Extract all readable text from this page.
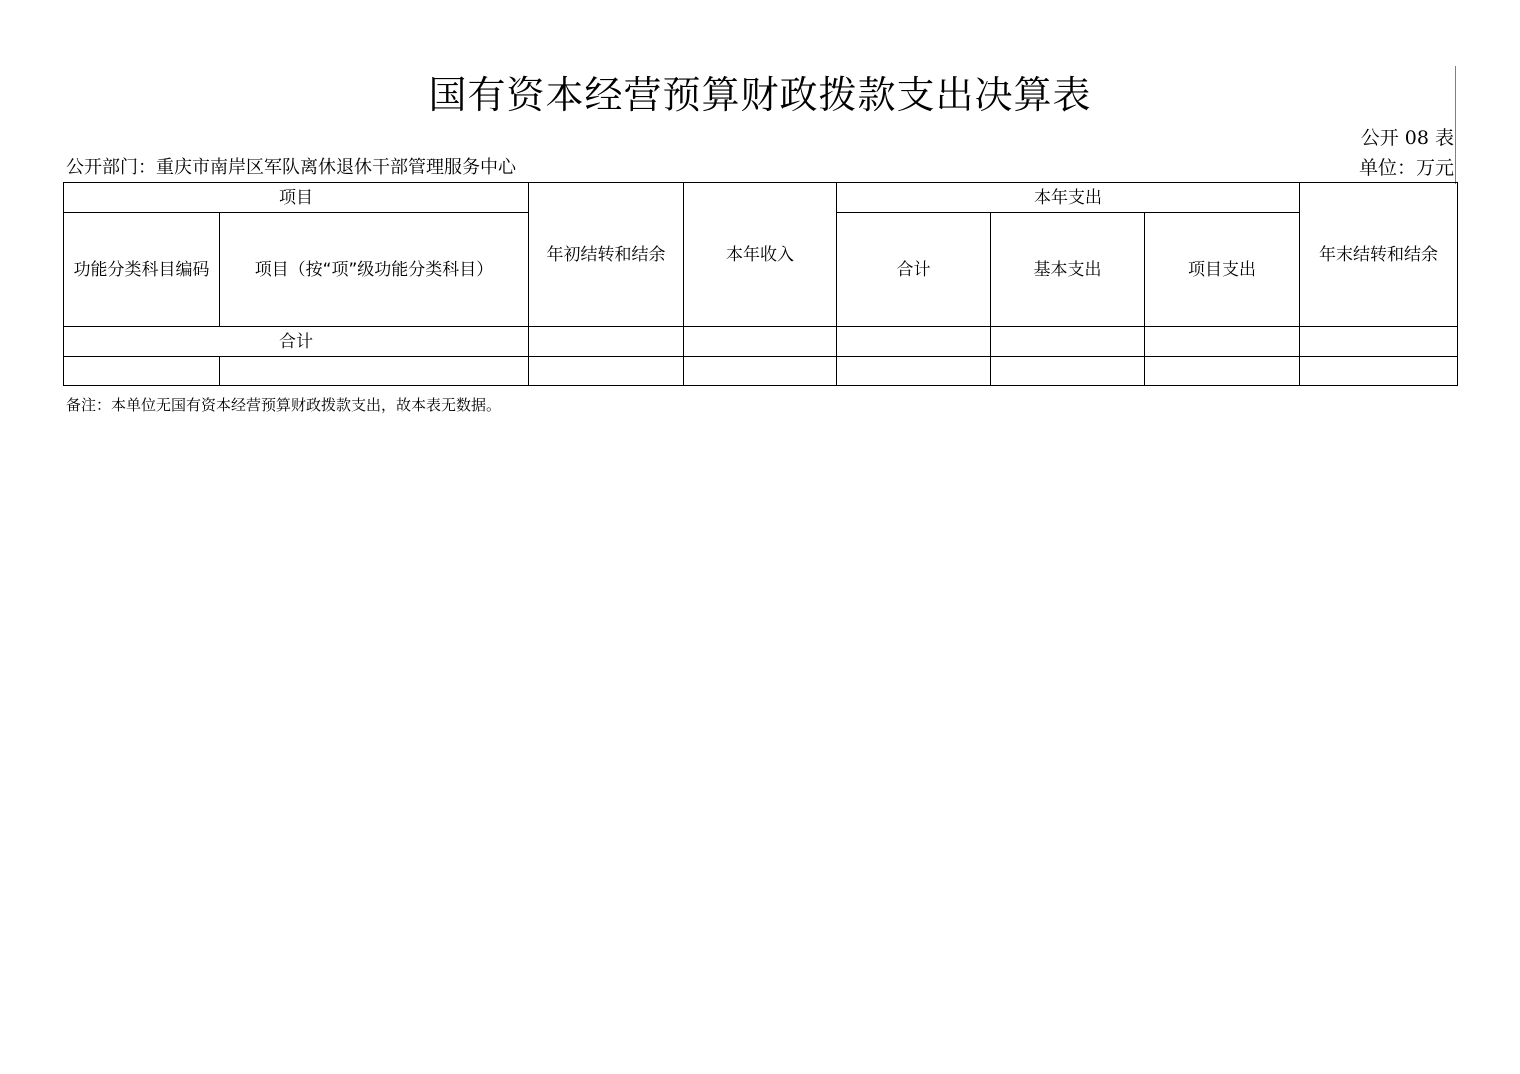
国有资本经营预算财政拨款支出决算表
公开 08 表
公开部门：重庆市南岸区军队离休退休干部管理服务中心	单位：万元
项目		年初结转和结余	本年收入	本年支出			年末结转和结余
功能分类科目编码	项目（按“项”级功能分类科目）			合计	基本支出	项目支出	
合计							

备注：本单位无国有资本经营预算财政拨款支出，故本表无数据。
